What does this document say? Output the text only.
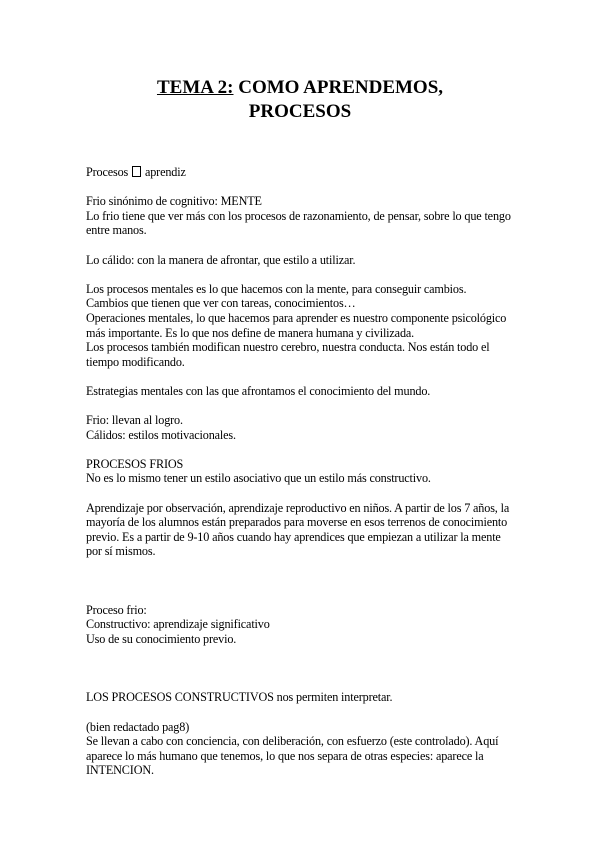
TEMA 2: COMO APRENDEMOS,
PROCESOS

Procesos aprendiz

Frio sinónimo de cognitivo: MENTE

Lo frio tiene que ver más con los procesos de razonamiento, de pensar, sobre lo que tengo entre manos.

Lo cálido: con la manera de afrontar, que estilo a utilizar.

Los procesos mentales es lo que hacemos con la mente, para conseguir cambios.

Cambios que tienen que ver con tareas, conocimientos…

Operaciones mentales, lo que hacemos para aprender es nuestro componente psicológico más importante. Es lo que nos define de manera humana y civilizada.

Los procesos también modifican nuestro cerebro, nuestra conducta. Nos están todo el tiempo modificando.

Estrategias mentales con las que afrontamos el conocimiento del mundo.

Frio: llevan al logro.

Cálidos: estilos motivacionales.

PROCESOS FRIOS

No es lo mismo tener un estilo asociativo que un estilo más constructivo.

Aprendizaje por observación, aprendizaje reproductivo en niños. A partir de los 7 años, la mayoría de los alumnos están preparados para moverse en esos terrenos de conocimiento previo. Es a partir de 9-10 años cuando hay aprendices que empiezan a utilizar la mente por sí mismos.

Proceso frio:

Constructivo: aprendizaje significativo

Uso de su conocimiento previo.

LOS PROCESOS CONSTRUCTIVOS nos permiten interpretar.

(bien redactado pag8)

Se llevan a cabo con conciencia, con deliberación, con esfuerzo (este controlado). Aquí aparece lo más humano que tenemos, lo que nos separa de otras especies: aparece la INTENCION.
